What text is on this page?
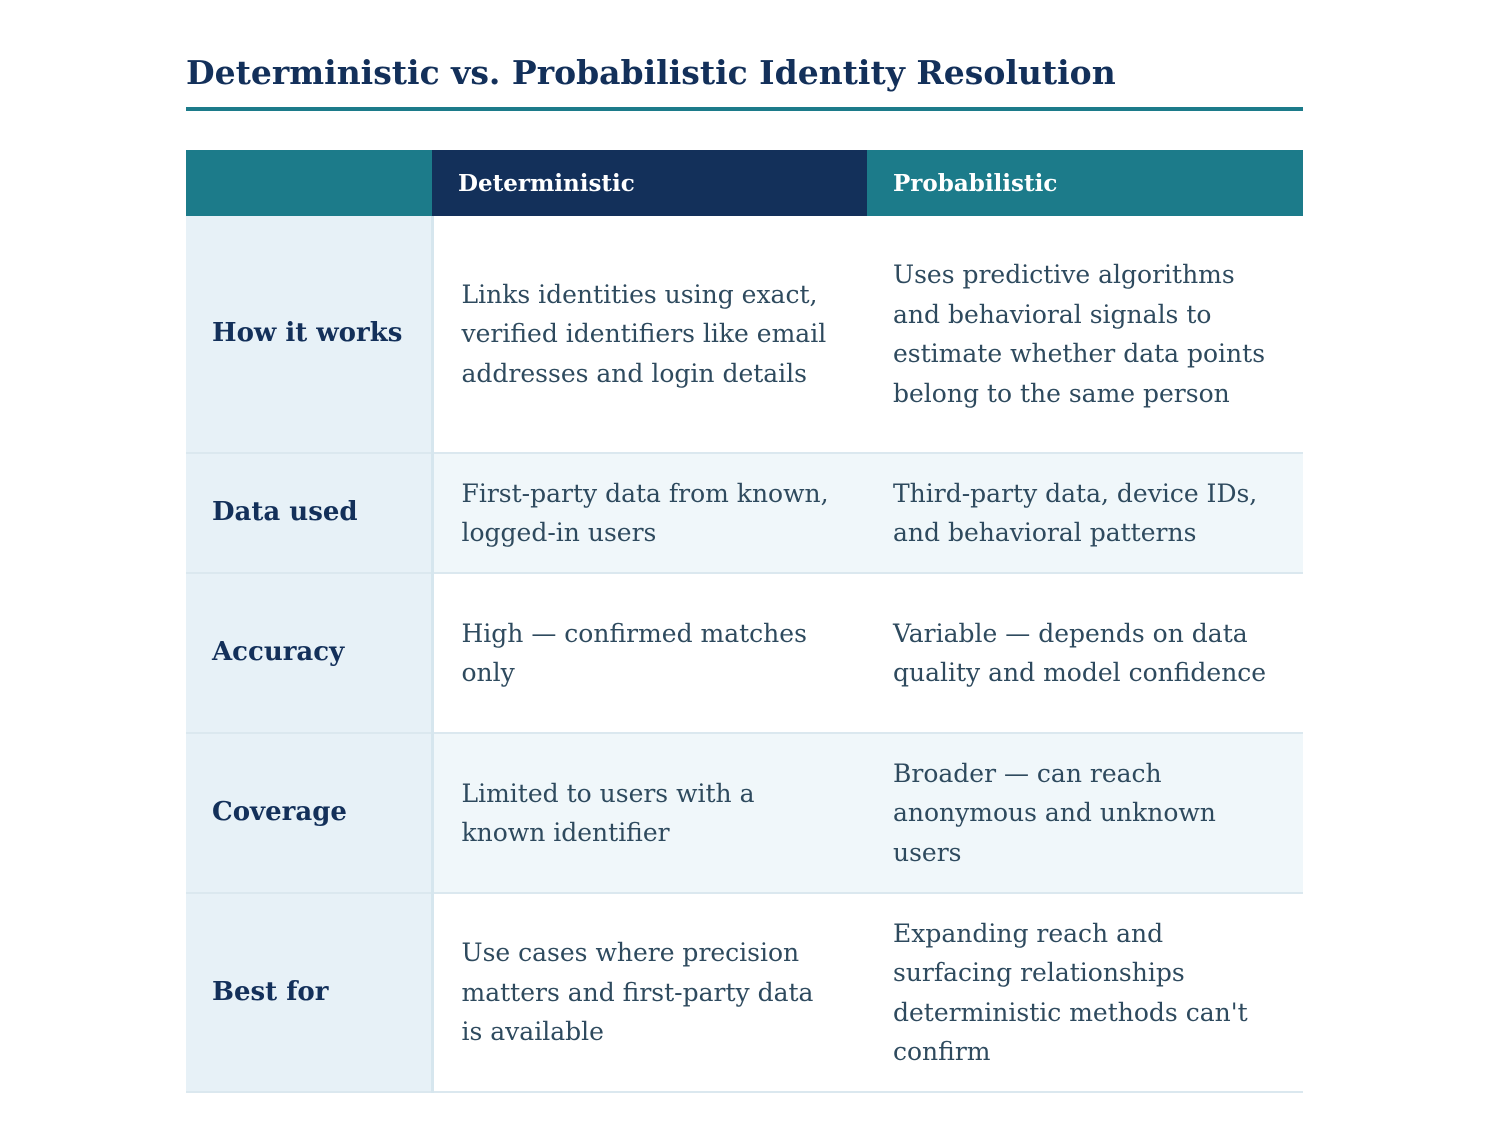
Deterministic vs. Probabilistic Identity Resolution
	Deterministic	Probabilistic
How it works	Links identities using exact, verified identifiers like email addresses and login details	Uses predictive algorithms and behavioral signals to estimate whether data points belong to the same person
Data used	First-party data from known, logged-in users	Third-party data, device IDs, and behavioral patterns
Accuracy	High — confirmed matches only	Variable — depends on data quality and model confidence
Coverage	Limited to users with a known identifier	Broader — can reach anonymous and unknown users
Best for	Use cases where precision matters and first-party data is available	Expanding reach and surfacing relationships deterministic methods can't confirm
